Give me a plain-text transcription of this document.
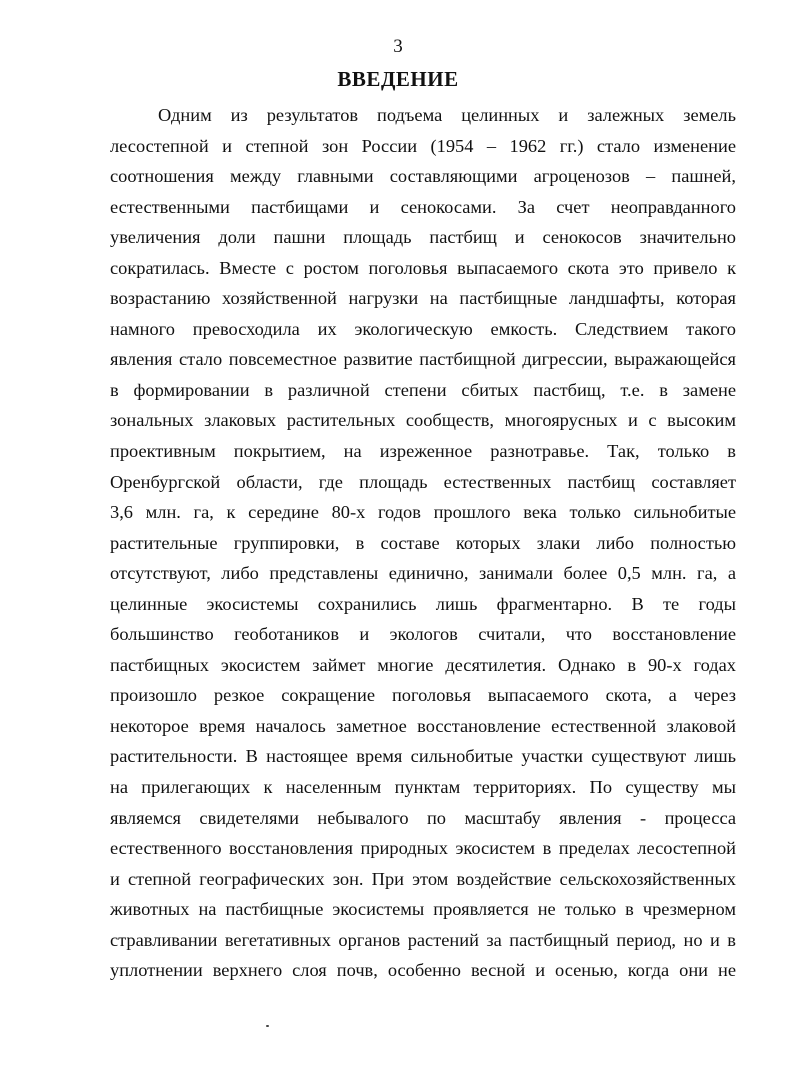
3
ВВЕДЕНИЕ
Одним из результатов подъема целинных и залежных земель
лесостепной и степной зон России (1954 – 1962 гг.) стало изменение
соотношения между главными составляющими агроценозов – пашней,
естественными пастбищами и сенокосами. За счет неоправданного
увеличения доли пашни площадь пастбищ и сенокосов значительно
сократилась. Вместе с ростом поголовья выпасаемого скота это привело к
возрастанию хозяйственной нагрузки на пастбищные ландшафты, которая
намного превосходила их экологическую емкость. Следствием такого
явления стало повсеместное развитие пастбищной дигрессии, выражающейся
в формировании в различной степени сбитых пастбищ, т.е. в замене
зональных злаковых растительных сообществ, многоярусных и с высоким
проективным покрытием, на изреженное разнотравье. Так, только в
Оренбургской области, где площадь естественных пастбищ составляет
3,6 млн. га, к середине 80-х годов прошлого века только сильнобитые
растительные группировки, в составе которых злаки либо полностью
отсутствуют, либо представлены единично, занимали более 0,5 млн. га, а
целинные экосистемы сохранились лишь фрагментарно. В те годы
большинство геоботаников и экологов считали, что восстановление
пастбищных экосистем займет многие десятилетия. Однако в 90-х годах
произошло резкое сокращение поголовья выпасаемого скота, а через
некоторое время началось заметное восстановление естественной злаковой
растительности. В настоящее время сильнобитые участки существуют лишь
на прилегающих к населенным пунктам территориях. По существу мы
являемся свидетелями небывалого по масштабу явления - процесса
естественного восстановления природных экосистем в пределах лесостепной
и степной географических зон. При этом воздействие сельскохозяйственных
животных на пастбищные экосистемы проявляется не только в чрезмерном
стравливании вегетативных органов растений за пастбищный период, но и в
уплотнении верхнего слоя почв, особенно весной и осенью, когда они не
